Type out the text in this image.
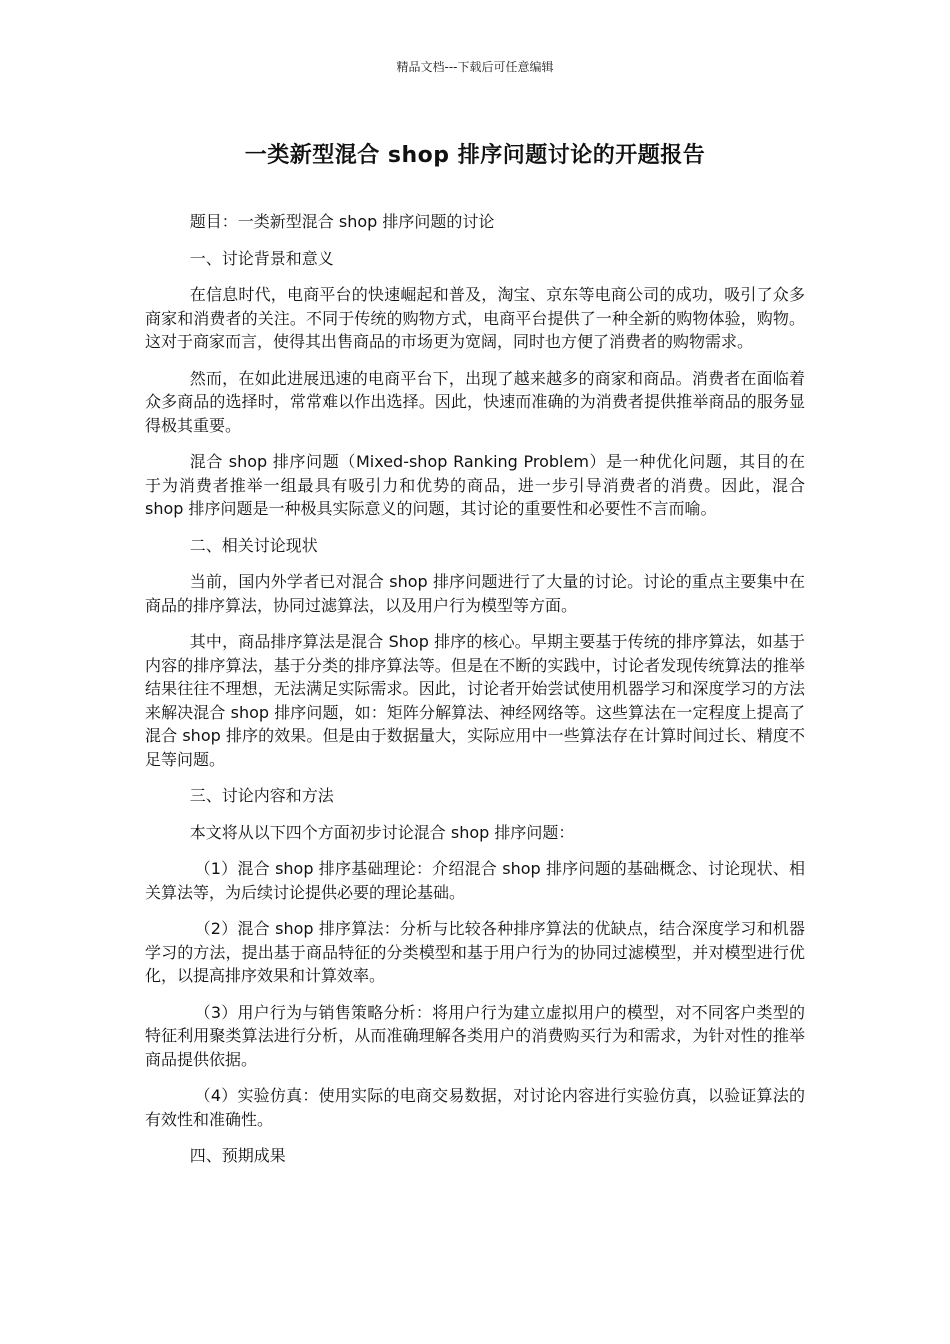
精品文档---下载后可任意编辑
一类新型混合 shop 排序问题讨论的开题报告

题目：一类新型混合 shop 排序问题的讨论

一、讨论背景和意义

在信息时代，电商平台的快速崛起和普及，淘宝、京东等电商公司的成功，吸引了众多商家和消费者的关注。不同于传统的购物方式，电商平台提供了一种全新的购物体验，购物。这对于商家而言，使得其出售商品的市场更为宽阔，同时也方便了消费者的购物需求。

然而，在如此进展迅速的电商平台下，出现了越来越多的商家和商品。消费者在面临着众多商品的选择时，常常难以作出选择。因此，快速而准确的为消费者提供推举商品的服务显得极其重要。

混合 shop 排序问题（Mixed-shop Ranking Problem）是一种优化问题，其目的在于为消费者推举一组最具有吸引力和优势的商品，进一步引导消费者的消费。因此，混合 shop 排序问题是一种极具实际意义的问题，其讨论的重要性和必要性不言而喻。

二、相关讨论现状

当前，国内外学者已对混合 shop 排序问题进行了大量的讨论。讨论的重点主要集中在商品的排序算法，协同过滤算法，以及用户行为模型等方面。

其中，商品排序算法是混合 Shop 排序的核心。早期主要基于传统的排序算法，如基于内容的排序算法，基于分类的排序算法等。但是在不断的实践中，讨论者发现传统算法的推举结果往往不理想，无法满足实际需求。因此，讨论者开始尝试使用机器学习和深度学习的方法来解决混合 shop 排序问题，如：矩阵分解算法、神经网络等。这些算法在一定程度上提高了混合 shop 排序的效果。但是由于数据量大，实际应用中一些算法存在计算时间过长、精度不足等问题。

三、讨论内容和方法

本文将从以下四个方面初步讨论混合 shop 排序问题：

（1）混合 shop 排序基础理论：介绍混合 shop 排序问题的基础概念、讨论现状、相关算法等，为后续讨论提供必要的理论基础。

（2）混合 shop 排序算法：分析与比较各种排序算法的优缺点，结合深度学习和机器学习的方法，提出基于商品特征的分类模型和基于用户行为的协同过滤模型，并对模型进行优化，以提高排序效果和计算效率。

（3）用户行为与销售策略分析：将用户行为建立虚拟用户的模型，对不同客户类型的特征利用聚类算法进行分析，从而准确理解各类用户的消费购买行为和需求，为针对性的推举商品提供依据。

（4）实验仿真：使用实际的电商交易数据，对讨论内容进行实验仿真，以验证算法的有效性和准确性。

四、预期成果
